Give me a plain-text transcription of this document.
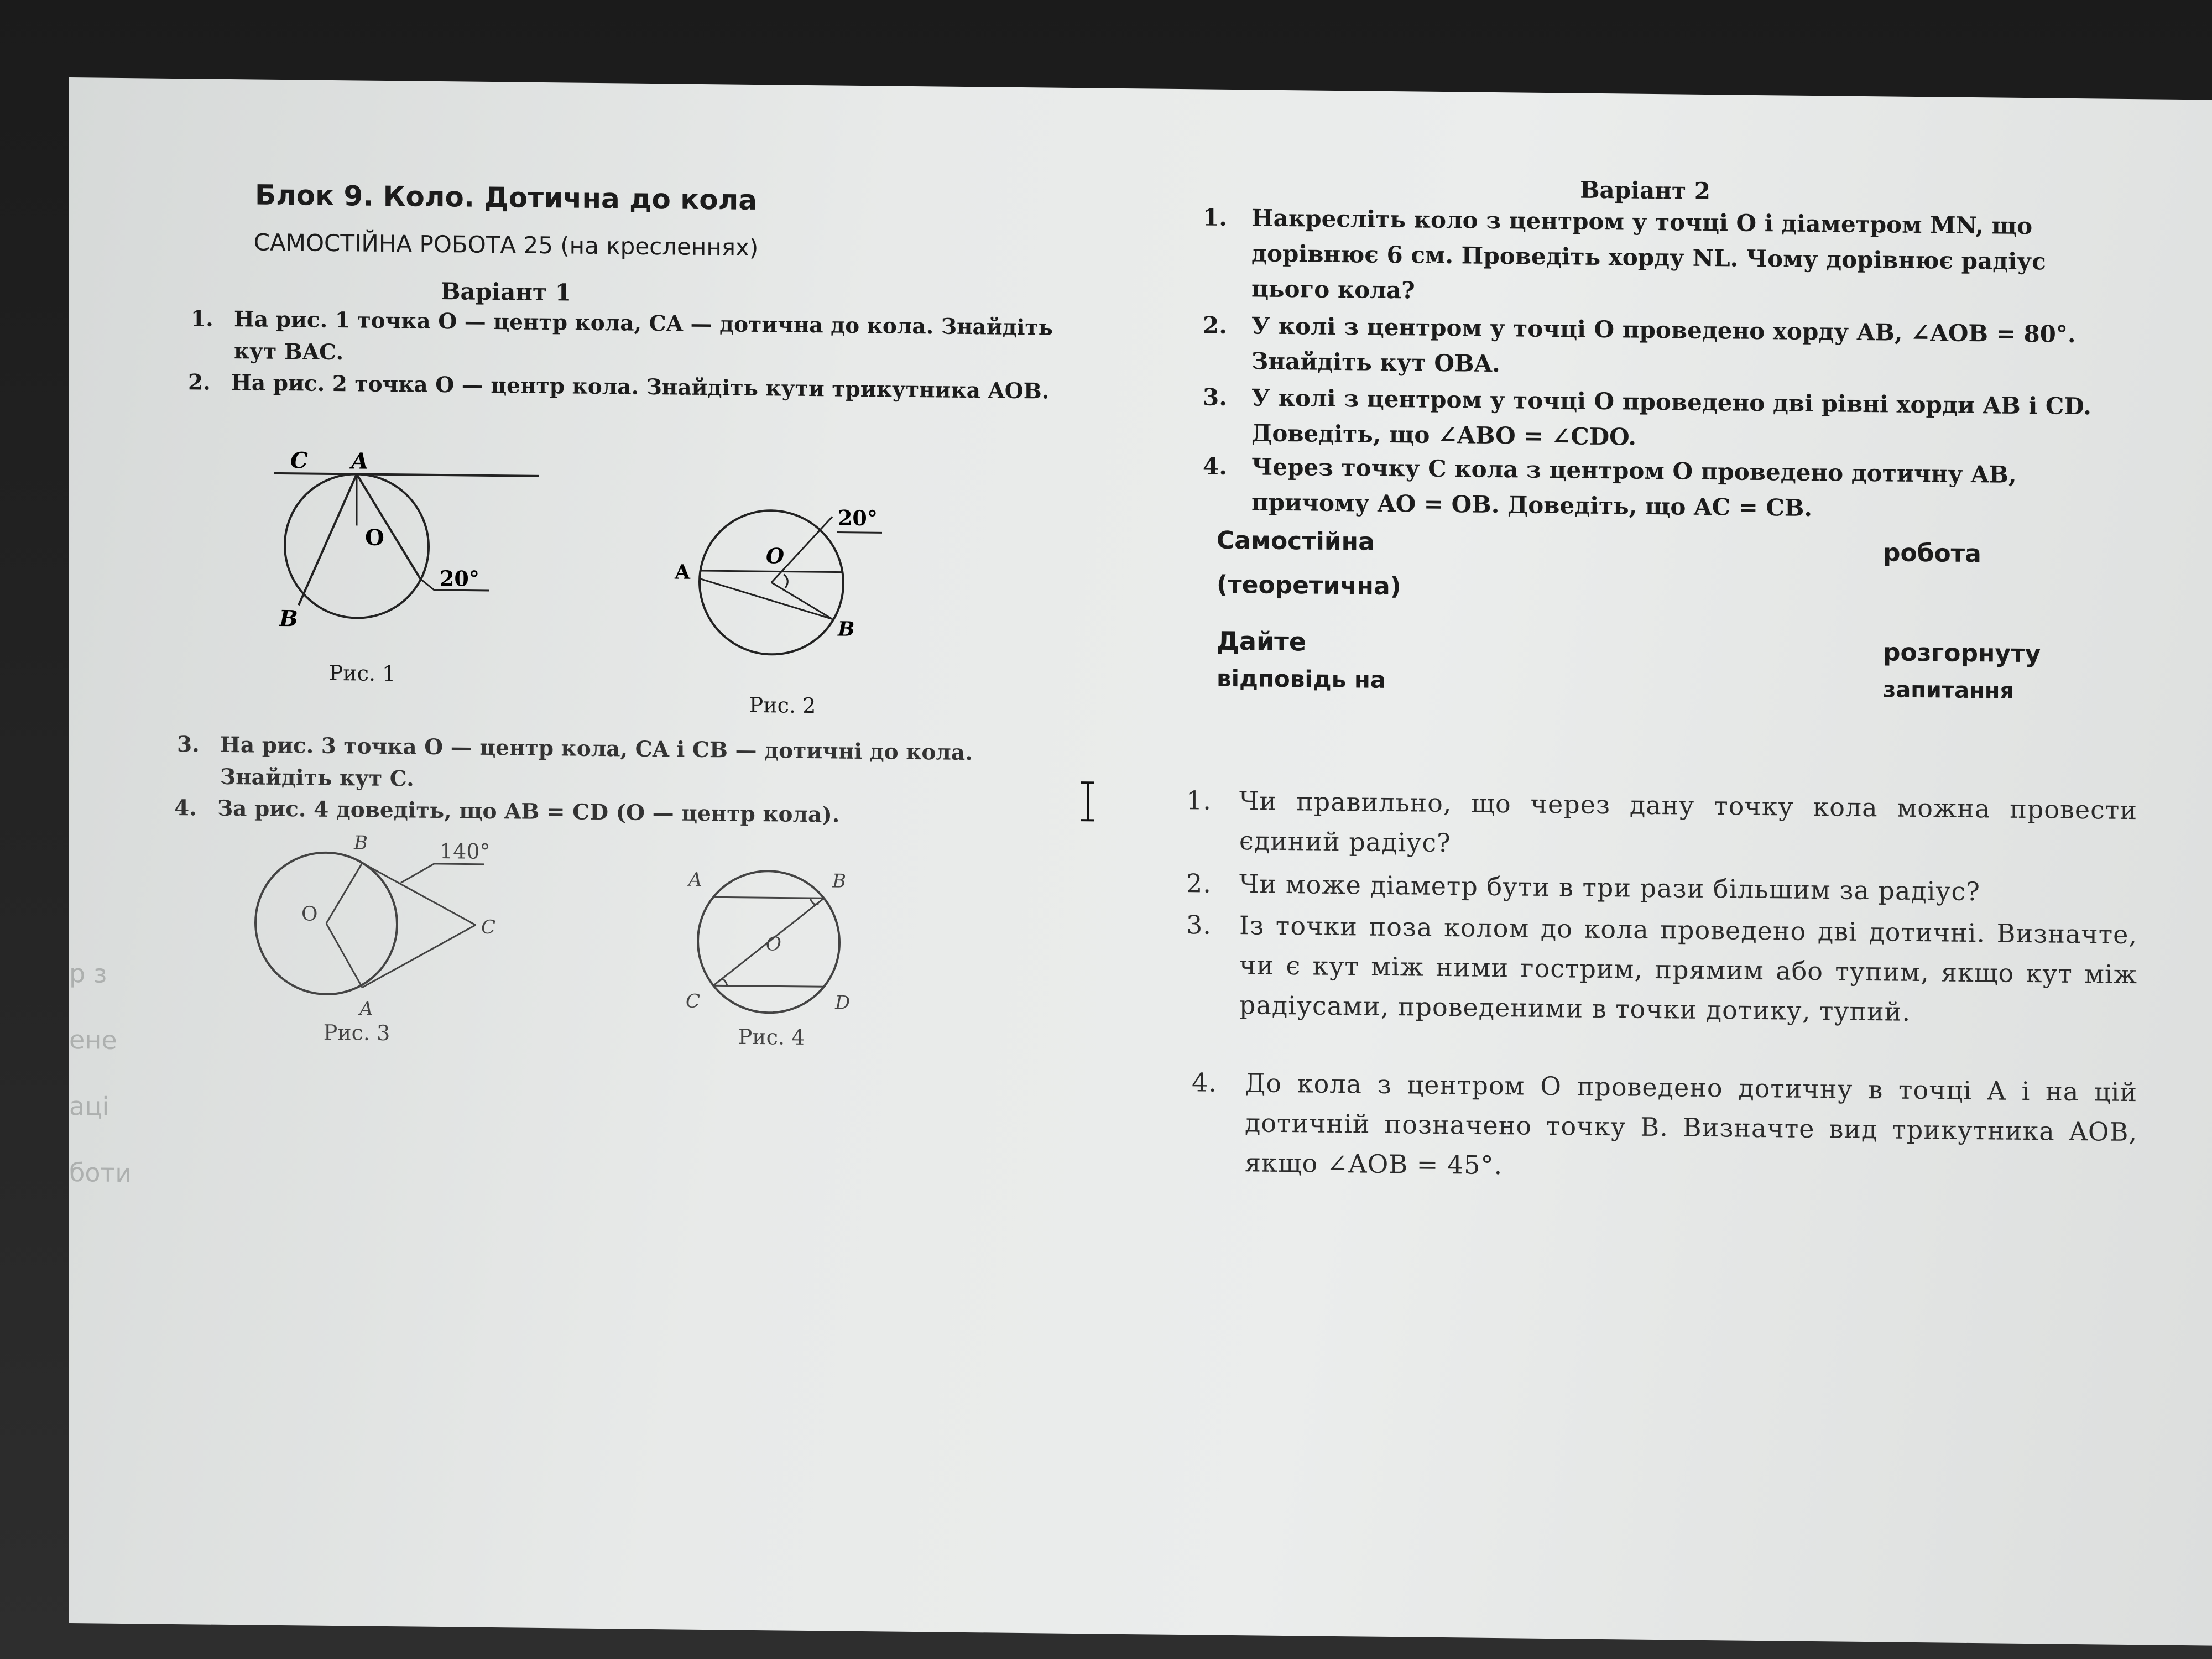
р з
ене
аці
боти
Блок 9. Коло. Дотична до кола
САМОСТІЙНА РОБОТА 25 (на кресленнях)
Варіант 1
1. На рис. 1 точка O — центр кола, CA — дотична до кола. Знайдіть кут BAC.
2. На рис. 2 точка O — центр кола. Знайдіть кути трикутника AOB.
C A
O
B
20°
Рис. 1
A
O
B
20°
Рис. 2
3. На рис. 3 точка O — центр кола, CA і CB — дотичні до кола. Знайдіть кут C.
4. За рис. 4 доведіть, що AB = CD (O — центр кола).
B
O
C
A
140°
Рис. 3
A	B
O
C	D
Рис. 4
Варіант 2
1. Накресліть коло з центром у точці O і діаметром MN, що дорівнює 6 см. Проведіть хорду NL. Чому дорівнює радіус цього кола?
2. У колі з центром у точці O проведено хорду AB, ∠AOB = 80°. Знайдіть кут OBA.
3. У колі з центром у точці O проведено дві рівні хорди AB і CD. Доведіть, що ∠ABO = ∠CDO.
4. Через точку C кола з центром O проведено дотичну AB, причому AO = OB. Доведіть, що AC = CB.
Самостійна	робота
(теоретична)
Дайте	розгорнуту
відповідь на	запитання
1. Чи правильно, що через дану точку кола можна провести єдиний радіус?
2. Чи може діаметр бути в три рази більшим за радіус?
3. Із точки поза колом до кола проведено дві дотичні. Визначте, чи є кут між ними гострим, прямим або тупим, якщо кут між радіусами, проведеними в точки дотику, тупий.
4. До кола з центром O проведено дотичну в точці A і на цій дотичній позначено точку B. Визначте вид трикутника AOB, якщо ∠AOB = 45°.
